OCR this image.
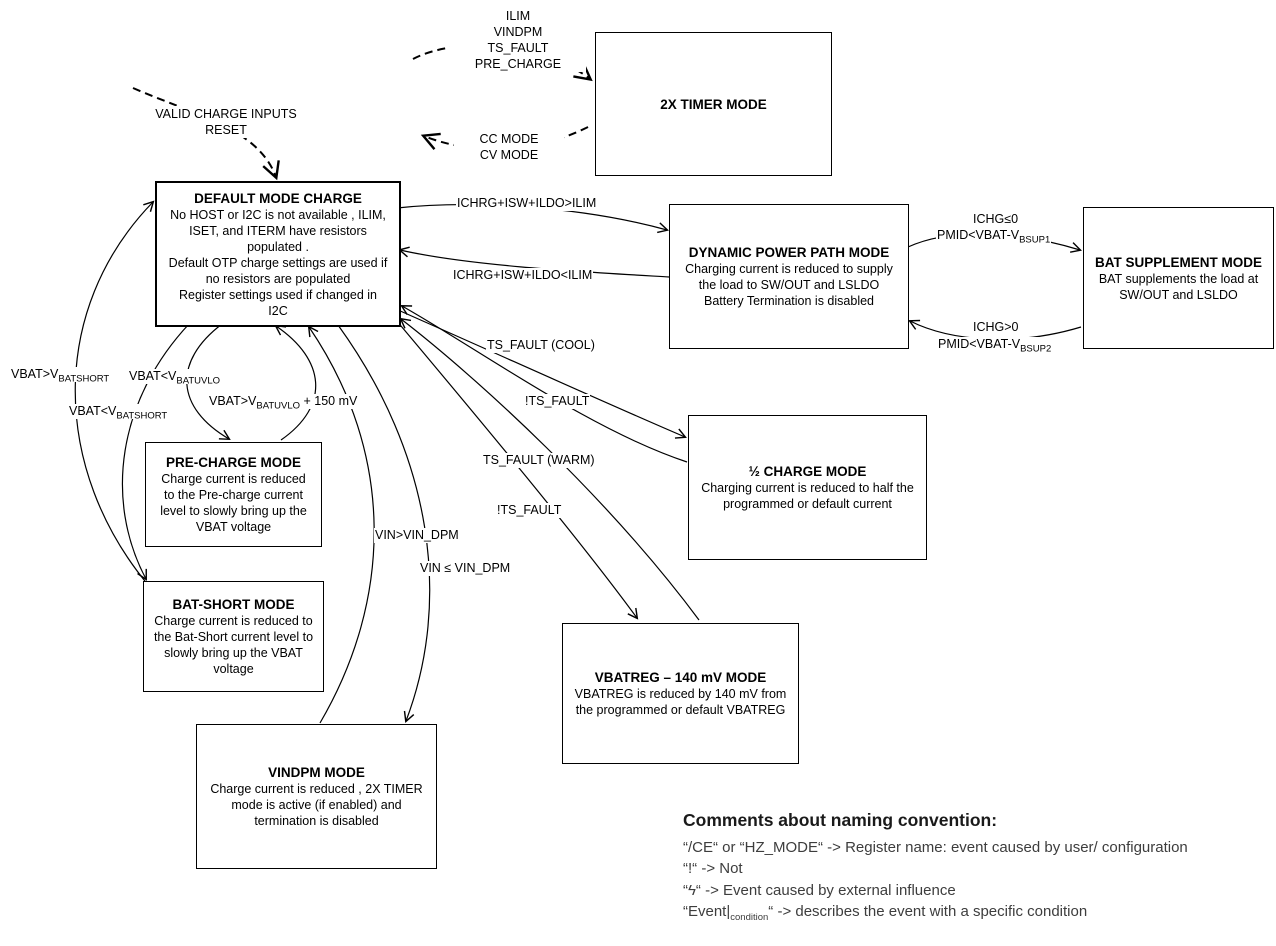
2X TIMER MODE
DEFAULT MODE CHARGE
No HOST or I2C is not available , ILIM,
ISET, and ITERM have resistors
populated .
Default OTP charge settings are used if
no resistors are populated
Register settings used if changed in
I2C
DYNAMIC POWER PATH MODE
Charging current is reduced to supply
the load to SW/OUT and LSLDO
Battery Termination is disabled
BAT SUPPLEMENT MODE
BAT supplements the load at
SW/OUT and LSLDO
PRE-CHARGE MODE
Charge current is reduced
to the Pre-charge current
level to slowly bring up the
VBAT voltage
BAT-SHORT MODE
Charge current is reduced to
the Bat-Short current level to
slowly bring up the VBAT
voltage
VINDPM MODE
Charge current is reduced , 2X TIMER
mode is active (if enabled) and
termination is disabled
½ CHARGE MODE
Charging current is reduced to half the
programmed or default current
VBATREG – 140 mV MODE
VBATREG is reduced by 140 mV from
the programmed or default VBATREG
ILIM
VINDPM
TS_FAULT
PRE_CHARGE
CC MODE
CV MODE
VALID CHARGE INPUTS
RESET
ICHRG+ISW+ILDO>ILIM
ICHRG+ISW+ILDO<ILIM
ICHG≤0
$PMID<VBAT-V_{BSUP1}$
ICHG>0
$PMID<VBAT-V_{BSUP2}$
$VBAT>V_{BATSHORT}$ $VBAT<V_{BATUVLO}$
$VBAT<V_{BATSHORT}$
$VBAT>V_{BATUVLO} + 150$ mV
TS_FAULT (COOL)
!TS_FAULT
TS_FAULT (WARM)
!TS_FAULT
VIN>VIN_DPM
VIN ≤ VIN_DPM
Comments about naming convention:
“/CE“ or “HZ_MODE“ -> Register name: event caused by user/ configuration
“!“ -> Not
“ϟ“ -> Event caused by external influence
“$Event|_{condition}“$ -> describes the event with a specific condition
